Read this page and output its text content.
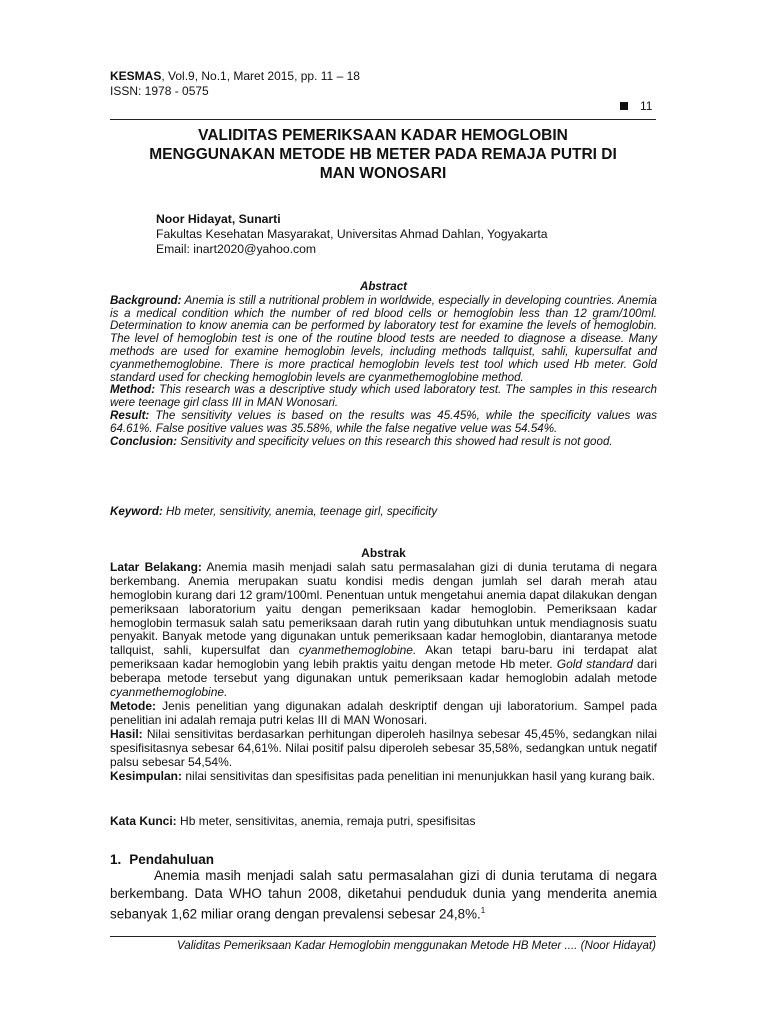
KESMAS, Vol.9, No.1, Maret 2015, pp. 11 – 18
ISSN: 1978 - 0575
11
VALIDITAS PEMERIKSAAN KADAR HEMOGLOBIN
MENGGUNAKAN METODE HB METER PADA REMAJA PUTRI DI
MAN WONOSARI
Noor Hidayat, Sunarti
Fakultas Kesehatan Masyarakat, Universitas Ahmad Dahlan, Yogyakarta
Email: inart2020@yahoo.com
Abstract

Background: Anemia is still a nutritional problem in worldwide, especially in developing countries. Anemia is a medical condition which the number of red blood cells or hemoglobin less than 12 gram/100ml. Determination to know anemia can be performed by laboratory test for examine the levels of hemoglobin. The level of hemoglobin test is one of the routine blood tests are needed to diagnose a disease. Many methods are used for examine hemoglobin levels, including methods tallquist, sahli, kupersulfat and cyanmethemoglobine. There is more practical hemoglobin levels test tool which used Hb meter. Gold standard used for checking hemoglobin levels are cyanmethemoglobine method.

Method: This research was a descriptive study which used laboratory test. The samples in this research were teenage girl class III in MAN Wonosari.

Result: The sensitivity velues is based on the results was 45.45%, while the specificity values was 64.61%. False positive values was 35.58%, while the false negative velue was 54.54%.

Conclusion: Sensitivity and specificity velues on this research this showed had result is not good.

Keyword: Hb meter, sensitivity, anemia, teenage girl, specificity
Abstrak

Latar Belakang: Anemia masih menjadi salah satu permasalahan gizi di dunia terutama di negara berkembang. Anemia merupakan suatu kondisi medis dengan jumlah sel darah merah atau hemoglobin kurang dari 12 gram/100ml. Penentuan untuk mengetahui anemia dapat dilakukan dengan pemeriksaan laboratorium yaitu dengan pemeriksaan kadar hemoglobin. Pemeriksaan kadar hemoglobin termasuk salah satu pemeriksaan darah rutin yang dibutuhkan untuk mendiagnosis suatu penyakit. Banyak metode yang digunakan untuk pemeriksaan kadar hemoglobin, diantaranya metode tallquist, sahli, kupersulfat dan cyanmethemoglobine. Akan tetapi baru-baru ini terdapat alat pemeriksaan kadar hemoglobin yang lebih praktis yaitu dengan metode Hb meter. Gold standard dari beberapa metode tersebut yang digunakan untuk pemeriksaan kadar hemoglobin adalah metode cyanmethemoglobine.

Metode: Jenis penelitian yang digunakan adalah deskriptif dengan uji laboratorium. Sampel pada penelitian ini adalah remaja putri kelas III di MAN Wonosari.

Hasil: Nilai sensitivitas berdasarkan perhitungan diperoleh hasilnya sebesar 45,45%, sedangkan nilai spesifisitasnya sebesar 64,61%. Nilai positif palsu diperoleh sebesar 35,58%, sedangkan untuk negatif palsu sebesar 54,54%.

Kesimpulan: nilai sensitivitas dan spesifisitas pada penelitian ini menunjukkan hasil yang kurang baik.

Kata Kunci: Hb meter, sensitivitas, anemia, remaja putri, spesifisitas
1. Pendahuluan

Anemia masih menjadi salah satu permasalahan gizi di dunia terutama di negara berkembang. Data WHO tahun 2008, diketahui penduduk dunia yang menderita anemia sebanyak 1,62 miliar orang dengan prevalensi sebesar 24,8%.$^1$

Validitas Pemeriksaan Kadar Hemoglobin menggunakan Metode HB Meter .... (Noor Hidayat)
